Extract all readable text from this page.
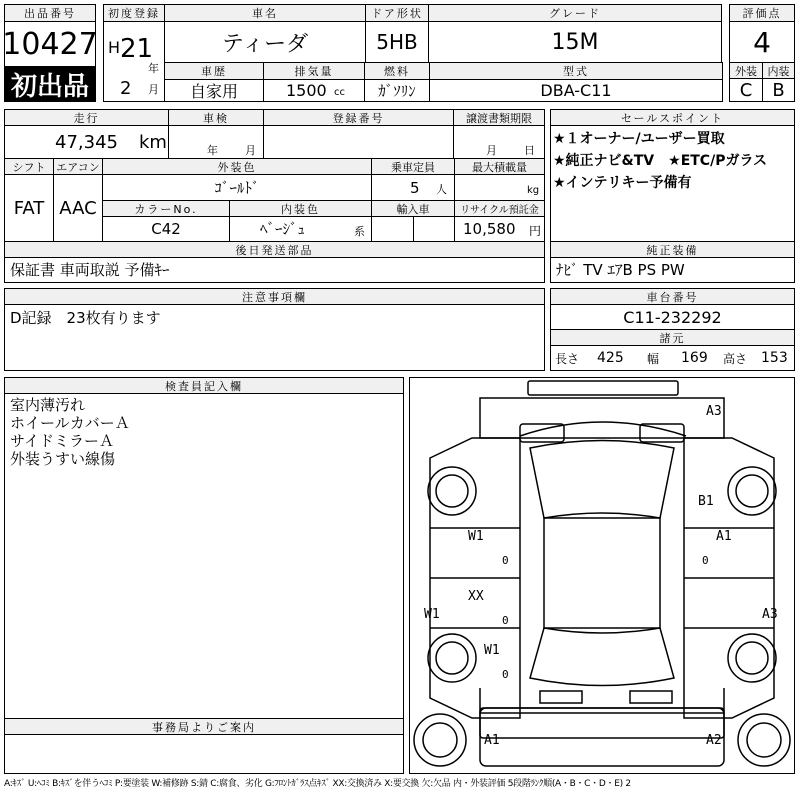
出品番号
10427
初出品
初度登録
H 21
年
2 月
車名
ティーダ
ドア形状
5HB
グレード
15M
車歴
自家用
排気量
1500 cc
燃料
ｶﾞｿﾘﾝ
型式
DBA-C11
評価点
4
外装 内装
C	B
走行
47,345 km
車検
年 月
登録番号	譲渡書類期限
月 日
シフト
FAT
エアコン
AAC
外装色
ｺﾞｰﾙﾄﾞ
乗車定員
5 人
最大積載量
kg
カラーNo.
C42
内装色
ﾍﾞｰｼﾞｭ	系
輸入車	リサイクル預託金
10,580 円
セールスポイント
★１オーナー/ユーザー買取
★純正ナビ&TV　★ETC/Pガラス
★インテリキー予備有
後日発送部品
保証書 車両取説 予備ｷｰ
純正装備
ﾅﾋﾞ TV ｴｱB PS PW
注意事項欄
D記録　23枚有ります
車台番号
C11-232292
諸元
長さ 425 幅 169 高さ 153
検査員記入欄
室内薄汚れ
ホイールカバーＡ
サイドミラーＡ
外装うすい線傷
事務局よりご案内
A3
B1
A1
W1
0
XX
0
W1	A3
W1
0
0
A1	A2
A:ｷｽﾞ U:ﾍｺﾐ B:ｷｽﾞを伴うﾍｺﾐ P:要塗装 W:補修跡 S:錆 C:腐食、劣化 G:ﾌﾛﾝﾄｶﾞﾗｽ点ｷｽﾞ XX:交換済み X:要交換 欠:欠品 内・外装評価 5段階ﾗﾝｸ順(A・B・C・D・E) 2
